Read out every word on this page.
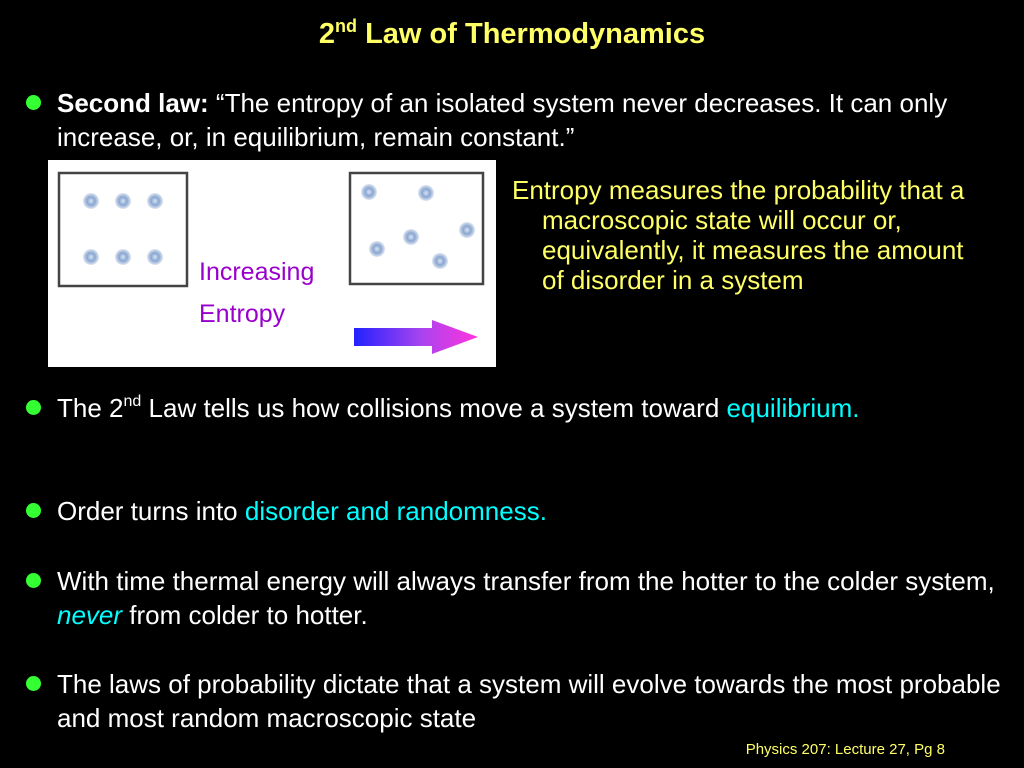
2nd Law of Thermodynamics
Second law: “The entropy of an isolated system never decreases. It can only increase, or, in equilibrium, remain constant.”
Increasing
Entropy
Entropy measures the probability that a macroscopic state will occur or, equivalently, it measures the amount of disorder in a system
The 2nd Law tells us how collisions move a system toward equilibrium.
Order turns into disorder and randomness.
With time thermal energy will always transfer from the hotter to the colder system, never from colder to hotter.
The laws of probability dictate that a system will evolve towards the most probable and most random macroscopic state
Physics 207: Lecture 27, Pg 8
